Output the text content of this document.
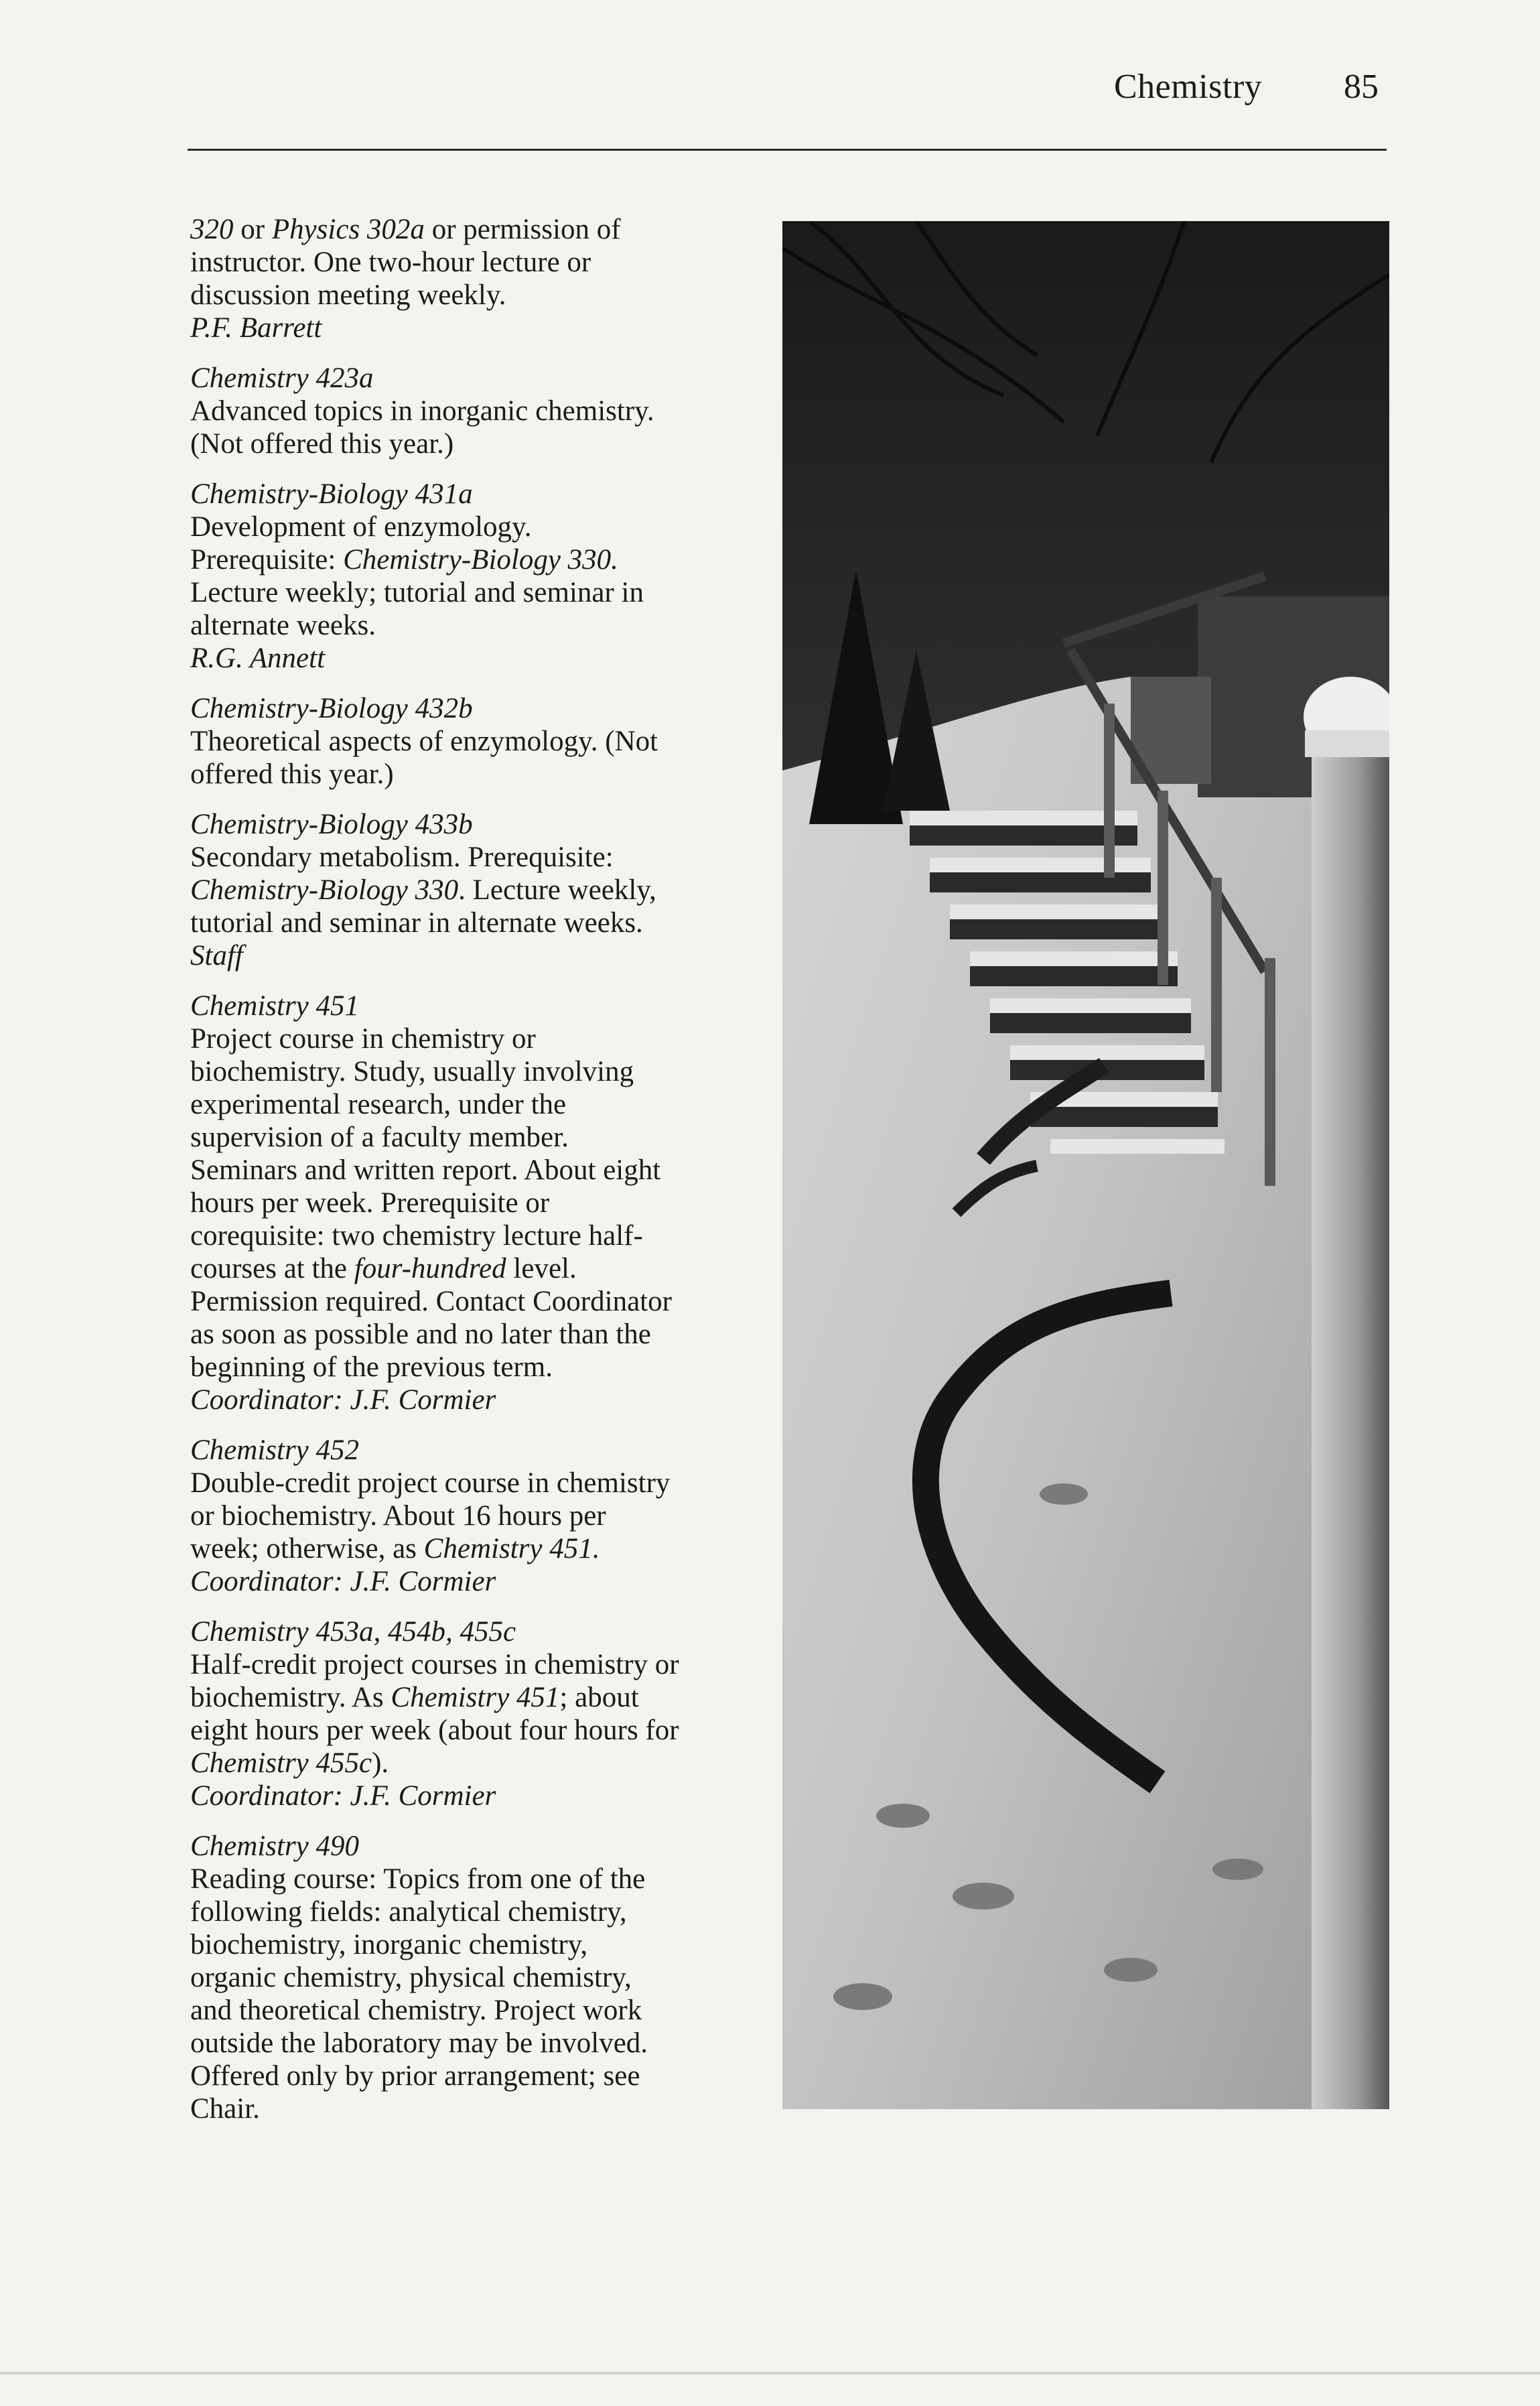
Chemistry 85
320 or Physics 302a or permission of
instructor. One two-hour lecture or
discussion meeting weekly.
P.F. Barrett
Chemistry 423a
Advanced topics in inorganic chemistry.
(Not offered this year.)
Chemistry-Biology 431a
Development of enzymology.
Prerequisite: Chemistry-Biology 330.
Lecture weekly; tutorial and seminar in
alternate weeks.
R.G. Annett
Chemistry-Biology 432b
Theoretical aspects of enzymology. (Not
offered this year.)
Chemistry-Biology 433b
Secondary metabolism. Prerequisite:
Chemistry-Biology 330. Lecture weekly,
tutorial and seminar in alternate weeks.
Staff
Chemistry 451
Project course in chemistry or
biochemistry. Study, usually involving
experimental research, under the
supervision of a faculty member.
Seminars and written report. About eight
hours per week. Prerequisite or
corequisite: two chemistry lecture half-
courses at the four-hundred level.
Permission required. Contact Coordinator
as soon as possible and no later than the
beginning of the previous term.
Coordinator: J.F. Cormier
Chemistry 452
Double-credit project course in chemistry
or biochemistry. About 16 hours per
week; otherwise, as Chemistry 451.
Coordinator: J.F. Cormier
Chemistry 453a, 454b, 455c
Half-credit project courses in chemistry or
biochemistry. As Chemistry 451; about
eight hours per week (about four hours for
Chemistry 455c).
Coordinator: J.F. Cormier
Chemistry 490
Reading course: Topics from one of the
following fields: analytical chemistry,
biochemistry, inorganic chemistry,
organic chemistry, physical chemistry,
and theoretical chemistry. Project work
outside the laboratory may be involved.
Offered only by prior arrangement; see
Chair.
